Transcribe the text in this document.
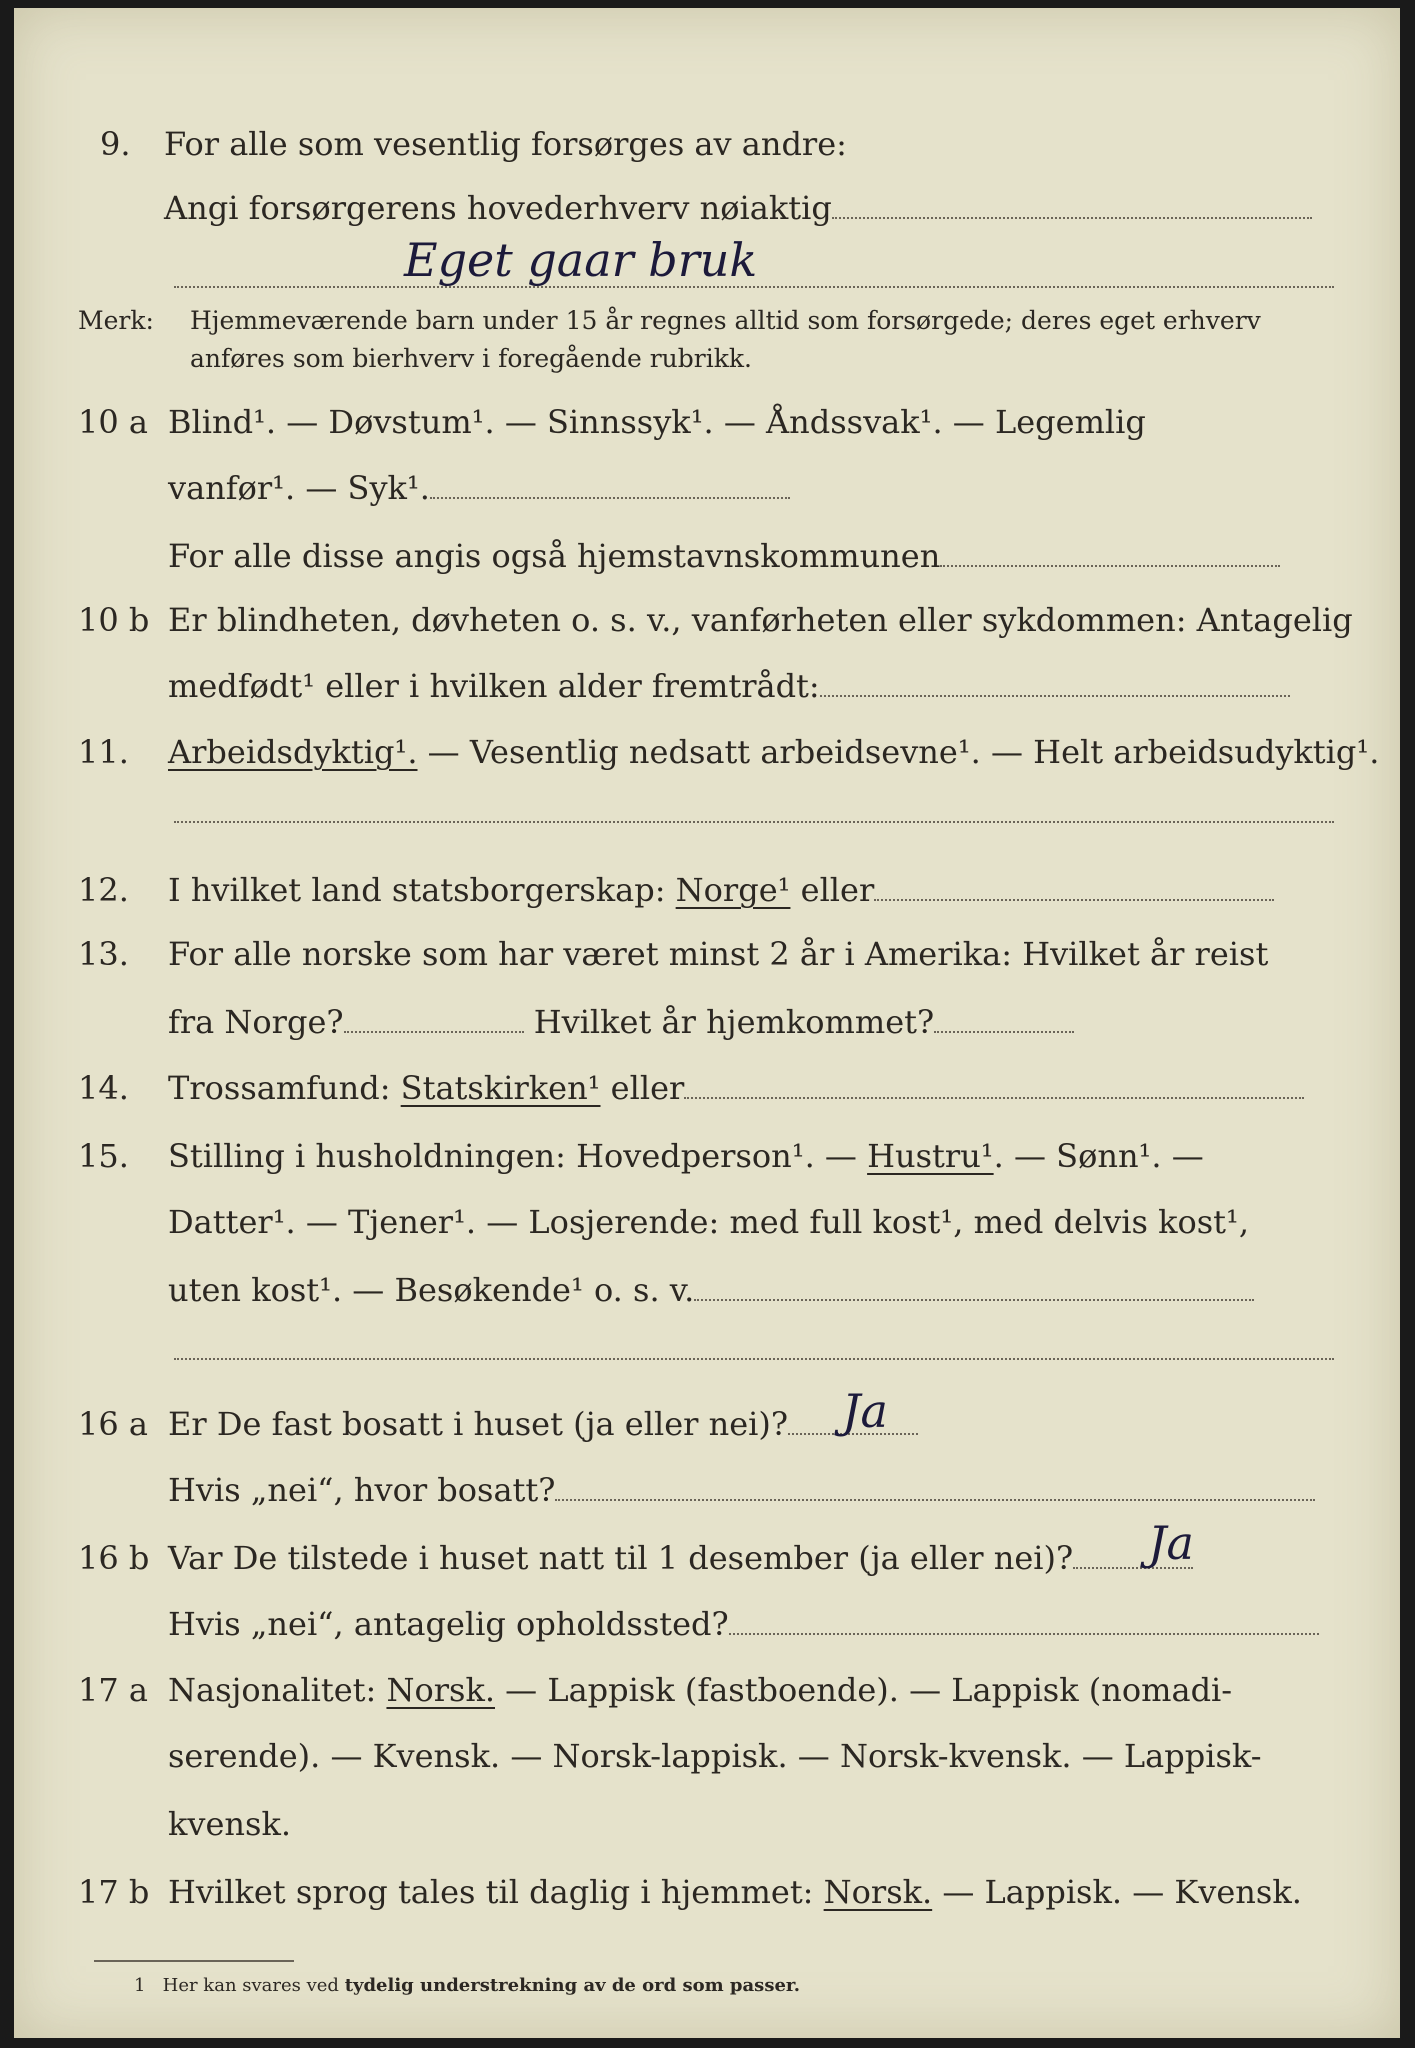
9. For alle som vesentlig forsørges av andre:
Angi forsørgerens hovederhverv nøiaktig
Eget gaar bruk
Merk: Hjemmeværende barn under 15 år regnes alltid som forsørgede; deres eget erhverv
anføres som bierhverv i foregående rubrikk.
10 a Blind¹. — Døvstum¹. — Sinnssyk¹. — Åndssvak¹. — Legemlig
vanfør¹. — Syk¹.
For alle disse angis også hjemstavnskommunen
10 b Er blindheten, døvheten o. s. v., vanførheten eller sykdommen: Antagelig
medfødt¹ eller i hvilken alder fremtrådt:
11. Arbeidsdyktig¹. — Vesentlig nedsatt arbeidsevne¹. — Helt arbeidsudyktig¹.
12. I hvilket land statsborgerskap: Norge¹ eller
13. For alle norske som har været minst 2 år i Amerika: Hvilket år reist
fra Norge?	Hvilket år hjemkommet?
14. Trossamfund: Statskirken¹ eller
15. Stilling i husholdningen: Hovedperson¹. — Hustru¹. — Sønn¹. —
Datter¹. — Tjener¹. — Losjerende: med full kost¹, med delvis kost¹,
uten kost¹. — Besøkende¹ o. s. v.
16 a Er De fast bosatt i huset (ja eller nei)?	Ja
Hvis „nei“, hvor bosatt?
16 b Var De tilstede i huset natt til 1 desember (ja eller nei)?	Ja
Hvis „nei“, antagelig opholdssted?
17 a Nasjonalitet: Norsk. — Lappisk (fastboende). — Lappisk (nomadi-
serende). — Kvensk. — Norsk-lappisk. — Norsk-kvensk. — Lappisk-
kvensk.
17 b Hvilket sprog tales til daglig i hjemmet: Norsk. — Lappisk. — Kvensk.
1 Her kan svares ved tydelig understrekning av de ord som passer.
